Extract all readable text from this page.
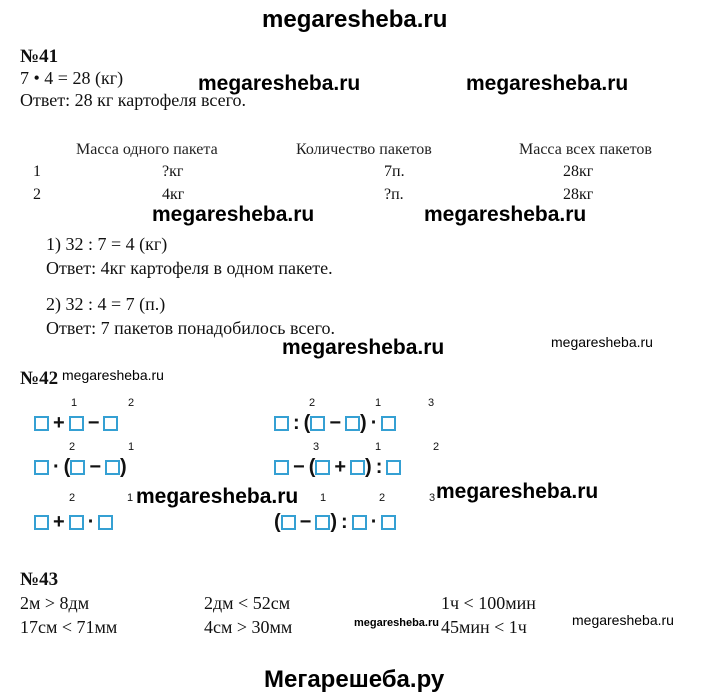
megaresheba.ru
№41
7 • 4 = 28 (кг)
Ответ: 28 кг картофеля всего.
megaresheba.ru	megaresheba.ru
Масса одного пакета	Количество пакетов	Масса всех пакетов
1	?кг	7п.	28кг
2	4кг	?п.	28кг
megaresheba.ru	megaresheba.ru
1) 32 : 7 = 4 (кг)
Ответ: 4кг картофеля в одном пакете.
2) 32 : 4 = 7 (п.)
Ответ: 7 пакетов понадобилось всего.
megaresheba.ru	megaresheba.ru
№42 megaresheba.ru
1	2
+ −
2	1	3
: ( − ) ·
2	1
· ( − )
3	1	2
− ( + ) :
megaresheba.ru	megaresheba.ru
2	1
+ ·
1	2	3
( − ) : ·
№43
2м > 8дм	2дм < 52см	1ч < 100мин
17см < 71мм	4см > 30мм	45мин < 1ч
megaresheba.ru	megaresheba.ru
Мегарешеба.ру
